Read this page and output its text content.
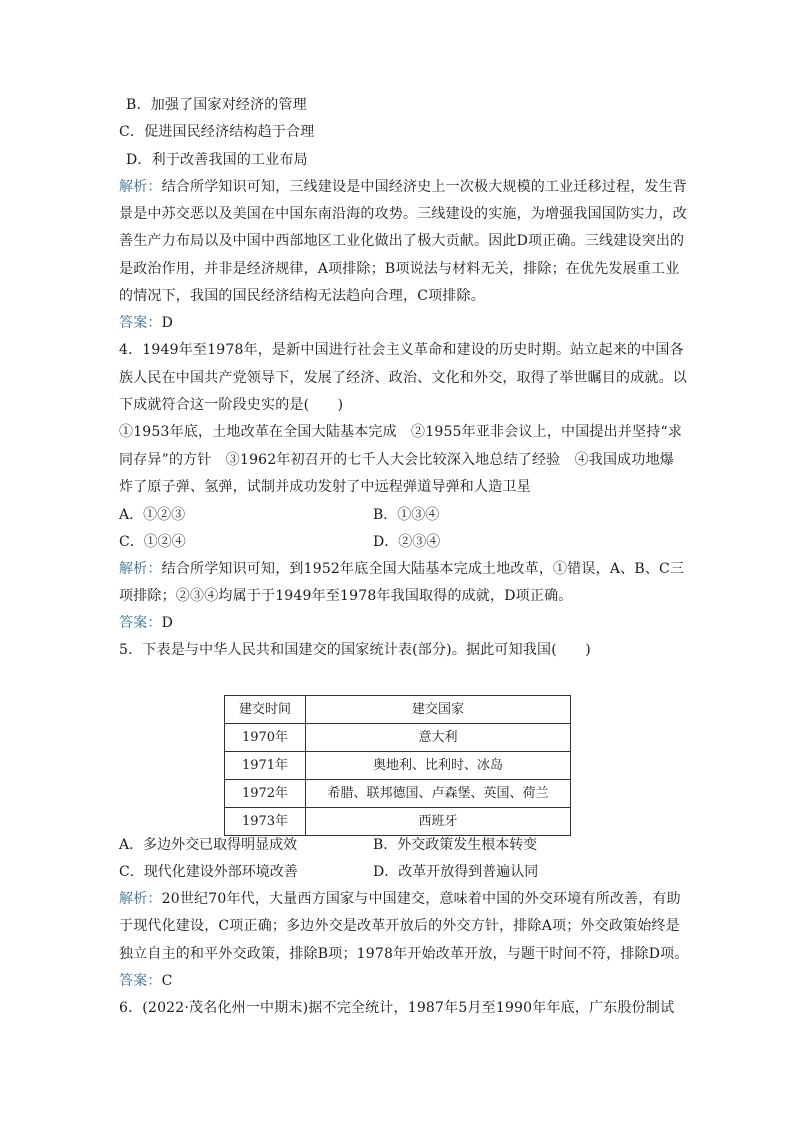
B．加强了国家对经济的管理
C．促进国民经济结构趋于合理
D．利于改善我国的工业布局
解析：结合所学知识可知，三线建设是中国经济史上一次极大规模的工业迁移过程，发生背
景是中苏交恶以及美国在中国东南沿海的攻势。三线建设的实施，为增强我国国防实力，改
善生产力布局以及中国中西部地区工业化做出了极大贡献。因此D项正确。三线建设突出的
是政治作用，并非是经济规律，A项排除；B项说法与材料无关，排除；在优先发展重工业
的情况下，我国的国民经济结构无法趋向合理，C项排除。
答案：D
4．1949年至1978年，是新中国进行社会主义革命和建设的历史时期。站立起来的中国各
族人民在中国共产党领导下，发展了经济、政治、文化和外交，取得了举世瞩目的成就。以
下成就符合这一阶段史实的是(　　)
①1953年底，土地改革在全国大陆基本完成　②1955年亚非会议上，中国提出并坚持“求
同存异”的方针　③1962年初召开的七千人大会比较深入地总结了经验　④我国成功地爆
炸了原子弹、氢弹，试制并成功发射了中远程弹道导弹和人造卫星
A．①②③	B．①③④
C．①②④	D．②③④
解析：结合所学知识可知，到1952年底全国大陆基本完成土地改革，①错误，A、B、C三
项排除；②③④均属于于1949年至1978年我国取得的成就，D项正确。
答案：D
5．下表是与中华人民共和国建交的国家统计表(部分)。据此可知我国(　　)
建交时间	建交国家
1970年	意大利
1971年	奥地利、比利时、冰岛
1972年	希腊、联邦德国、卢森堡、英国、荷兰
1973年	西班牙
A．多边外交已取得明显成效	B．外交政策发生根本转变
C．现代化建设外部环境改善	D．改革开放得到普遍认同
解析：20世纪70年代，大量西方国家与中国建交，意味着中国的外交环境有所改善，有助
于现代化建设，C项正确；多边外交是改革开放后的外交方针，排除A项；外交政策始终是
独立自主的和平外交政策，排除B项；1978年开始改革开放，与题干时间不符，排除D项。
答案：C
6．(2022·茂名化州一中期末)据不完全统计，1987年5月至1990年年底，广东股份制试
